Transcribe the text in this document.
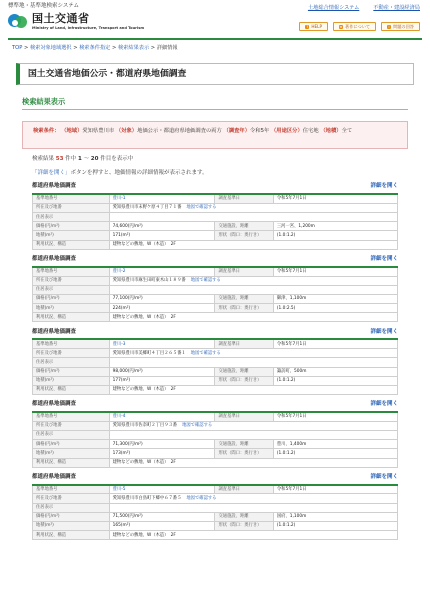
標準地・基準地検索システム
国土交通省
Ministry of Land, Infrastructure, Transport and Tourism
土地総合情報システム	不動産・建設経済局
? HELP	≡ 著作について	i 問題の回答
TOP > 検索対象地域選択 > 検索条件指定 > 検索結果表示 > 詳細情報
国土交通省地価公示・都道府県地価調査
検索結果表示
検索条件： （地域）愛知県豊川市 （対象）地価公示・都道府県地価調査の両方 （調査年）令和5年 （用途区分）住宅地 （地積）全て
検索結果 53 件中 1 ～ 20 件目を表示中
「詳細を開く」ボタンを押すと、地価情報の詳細情報が表示されます。
都道府県地価調査	詳細を開く
基準地番号	豊川-1	調査基準日	令和5年7月1日
所在及び地番	愛知県豊川市末野ケ原４丁目７１番 地図で確認する		
住居表示			
価格(円/m²)	74,600(円/m²)	交通施設、距離	三河一宮、1,200m
地積(m²)	171(m²)	形状（間口：奥行き）	(1.0:1.2)
利用状況、構造	建物などの敷地、W（木造）　2F		
都道府県地価調査	詳細を開く
基準地番号	豊川-2	調査基準日	令和5年7月1日
所在及び地番	愛知県豊川市麻生田町東木山１８９番 地図で確認する		
住居表示			
価格(円/m²)	77,100(円/m²)	交通施設、距離	御津、1,100m
地積(m²)	224(m²)	形状（間口：奥行き）	(1.0:2.5)
利用状況、構造	建物などの敷地、W（木造）　2F		
都道府県地価調査	詳細を開く
基準地番号	豊川-3	調査基準日	令和5年7月1日
所在及び地番	愛知県豊川市美郷町４丁目２６５番１ 地図で確認する		
住居表示			
価格(円/m²)	98,000(円/m²)	交通施設、距離	諏訪町、500m
地積(m²)	177(m²)	形状（間口：奥行き）	(1.0:1.2)
利用状況、構造	建物などの敷地、W（木造）　2F		
都道府県地価調査	詳細を開く
基準地番号	豊川-4	調査基準日	令和5年7月1日
所在及び地番	愛知県豊川市佐奈町２丁目９３番 地図で確認する		
住居表示			
価格(円/m²)	71,300(円/m²)	交通施設、距離	豊川、1,400m
地積(m²)	173(m²)	形状（間口：奥行き）	(1.0:1.2)
利用状況、構造	建物などの敷地、W（木造）　2F		
都道府県地価調査	詳細を開く
基準地番号	豊川-5	調査基準日	令和5年7月1日
所在及び地番	愛知県豊川市白鳥町下郷中６７番５ 地図で確認する		
住居表示			
価格(円/m²)	71,500(円/m²)	交通施設、距離	国府、1,100m
地積(m²)	165(m²)	形状（間口：奥行き）	(1.0:1.2)
利用状況、構造	建物などの敷地、W（木造）　2F		
